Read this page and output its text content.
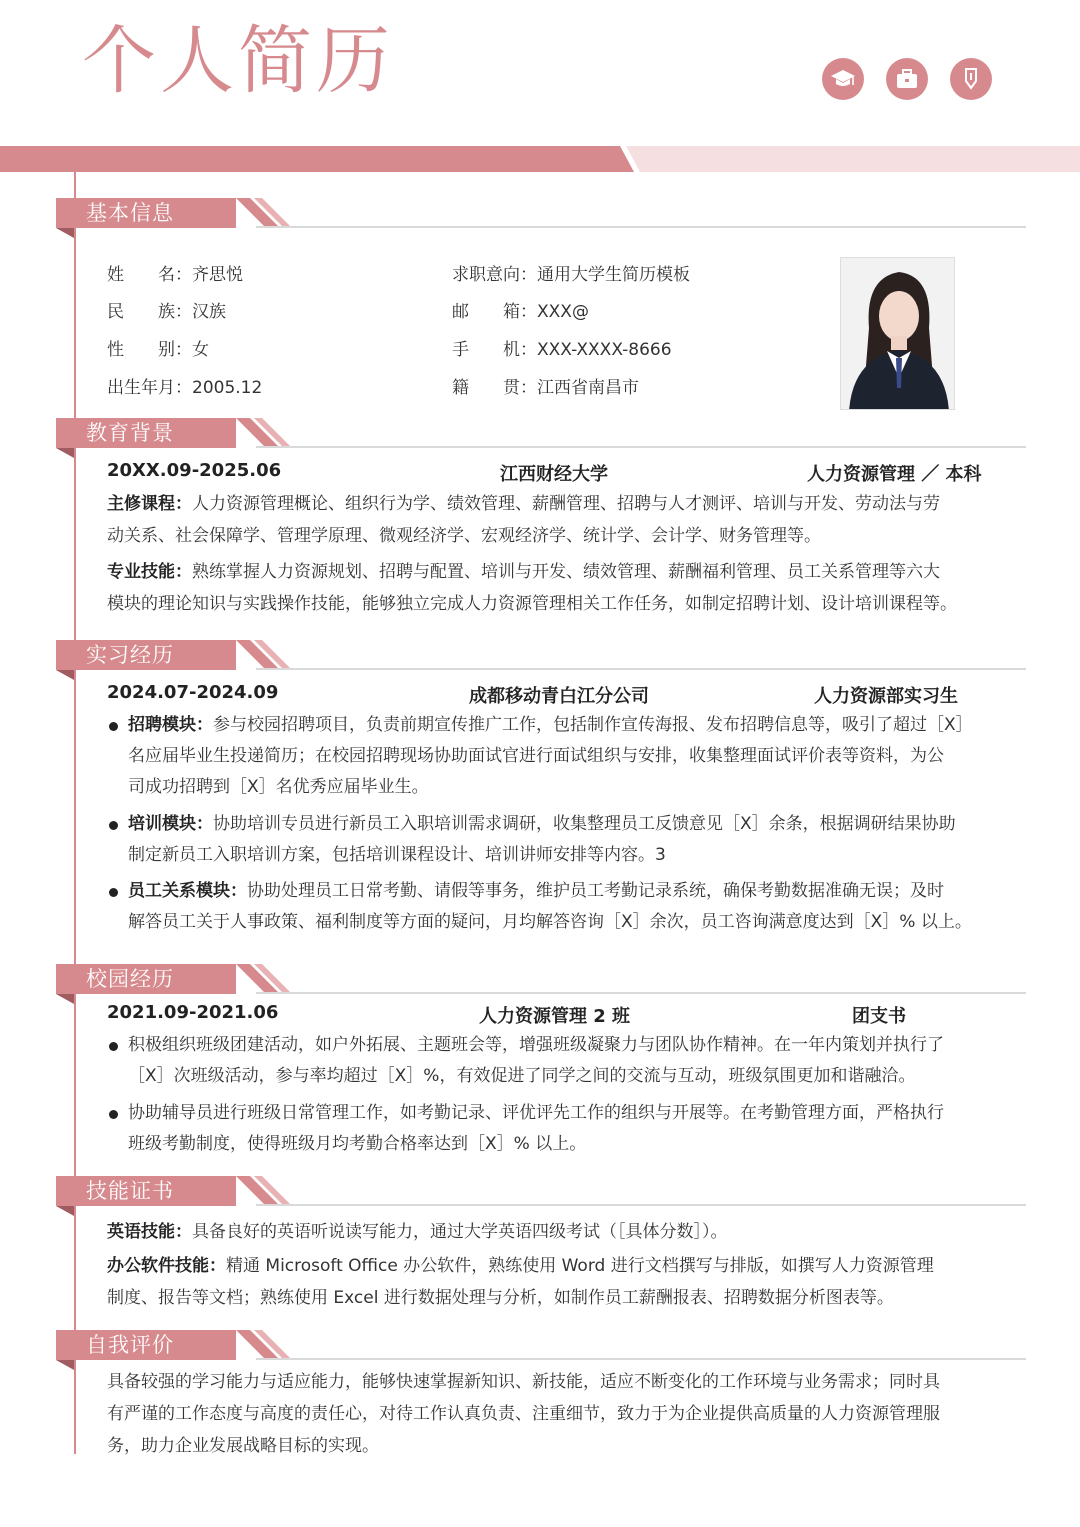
个人简历
基本信息
姓　　名：齐思悦
民　　族：汉族
性　　别：女
出生年月：2005.12
求职意向：通用大学生简历模板
邮　　箱：XXX@
手　　机：XXX-XXXX-8666
籍　　贯：江西省南昌市
教育背景
20XX.09-2025.06	江西财经大学	人力资源管理 ／ 本科
主修课程：人力资源管理概论、组织行为学、绩效管理、薪酬管理、招聘与人才测评、培训与开发、劳动法与劳
动关系、社会保障学、管理学原理、微观经济学、宏观经济学、统计学、会计学、财务管理等。
专业技能：熟练掌握人力资源规划、招聘与配置、培训与开发、绩效管理、薪酬福利管理、员工关系管理等六大
模块的理论知识与实践操作技能，能够独立完成人力资源管理相关工作任务，如制定招聘计划、设计培训课程等。
实习经历
2024.07-2024.09	成都移动青白江分公司	人力资源部实习生
招聘模块：参与校园招聘项目，负责前期宣传推广工作，包括制作宣传海报、发布招聘信息等，吸引了超过［X］
名应届毕业生投递简历；在校园招聘现场协助面试官进行面试组织与安排，收集整理面试评价表等资料，为公
司成功招聘到［X］名优秀应届毕业生。
培训模块：协助培训专员进行新员工入职培训需求调研，收集整理员工反馈意见［X］余条，根据调研结果协助
制定新员工入职培训方案，包括培训课程设计、培训讲师安排等内容。3
员工关系模块：协助处理员工日常考勤、请假等事务，维护员工考勤记录系统，确保考勤数据准确无误；及时
解答员工关于人事政策、福利制度等方面的疑问，月均解答咨询［X］余次，员工咨询满意度达到［X］% 以上。
校园经历
2021.09-2021.06	人力资源管理 2 班	团支书
积极组织班级团建活动，如户外拓展、主题班会等，增强班级凝聚力与团队协作精神。在一年内策划并执行了
［X］次班级活动，参与率均超过［X］%，有效促进了同学之间的交流与互动，班级氛围更加和谐融洽。
协助辅导员进行班级日常管理工作，如考勤记录、评优评先工作的组织与开展等。在考勤管理方面，严格执行
班级考勤制度，使得班级月均考勤合格率达到［X］% 以上。
技能证书
英语技能：具备良好的英语听说读写能力，通过大学英语四级考试（［具体分数］）。
办公软件技能：精通 Microsoft Office 办公软件，熟练使用 Word 进行文档撰写与排版，如撰写人力资源管理
制度、报告等文档；熟练使用 Excel 进行数据处理与分析，如制作员工薪酬报表、招聘数据分析图表等。
自我评价
具备较强的学习能力与适应能力，能够快速掌握新知识、新技能，适应不断变化的工作环境与业务需求；同时具
有严谨的工作态度与高度的责任心，对待工作认真负责、注重细节，致力于为企业提供高质量的人力资源管理服
务，助力企业发展战略目标的实现。
